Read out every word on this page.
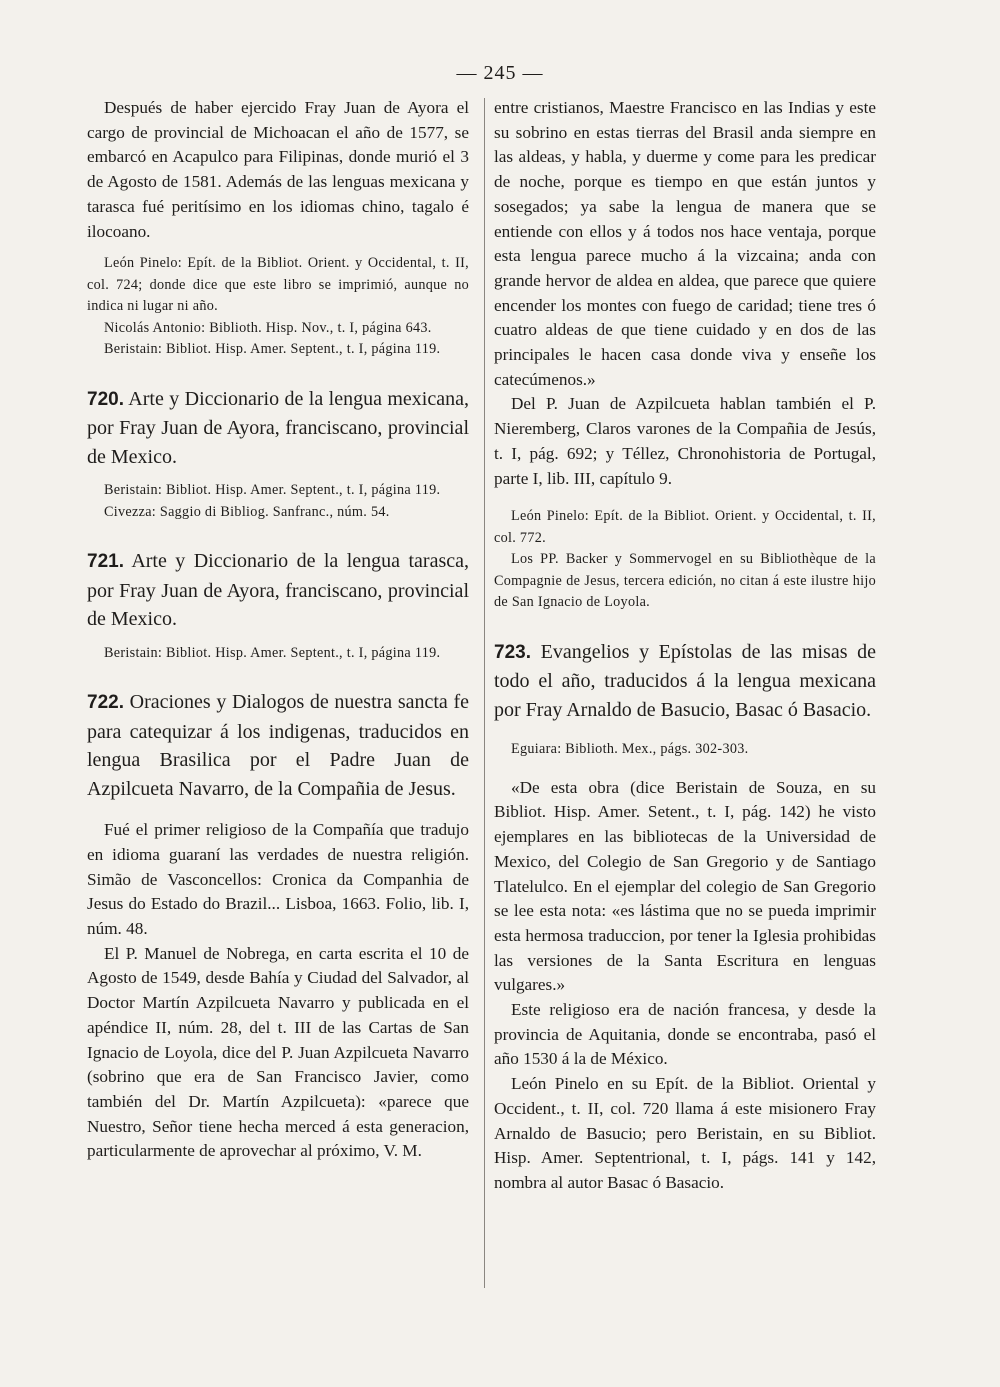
— 245 —

Después de haber ejercido Fray Juan de Ayora el cargo de provincial de Michoacan el año de 1577, se embarcó en Acapulco para Filipinas, donde murió el 3 de Agosto de 1581. Además de las lenguas mexicana y tarasca fué peritísimo en los idiomas chino, tagalo é ilocoano.

León Pinelo: Epít. de la Bibliot. Orient. y Occidental, t. II, col. 724; donde dice que este libro se imprimió, aunque no indica ni lugar ni año.

Nicolás Antonio: Biblioth. Hisp. Nov., t. I, página 643.

Beristain: Bibliot. Hisp. Amer. Septent., t. I, página 119.

720. Arte y Diccionario de la lengua mexicana, por Fray Juan de Ayora, franciscano, provincial de Mexico.

Beristain: Bibliot. Hisp. Amer. Septent., t. I, página 119.

Civezza: Saggio di Bibliog. Sanfranc., núm. 54.

721. Arte y Diccionario de la lengua tarasca, por Fray Juan de Ayora, franciscano, provincial de Mexico.

Beristain: Bibliot. Hisp. Amer. Septent., t. I, página 119.

722. Oraciones y Dialogos de nuestra sancta fe para catequizar á los indigenas, traducidos en lengua Brasilica por el Padre Juan de Azpilcueta Navarro, de la Compañia de Jesus.

Fué el primer religioso de la Compañía que tradujo en idioma guaraní las verdades de nuestra religión. Simão de Vasconcellos: Cronica da Companhia de Jesus do Estado do Brazil... Lisboa, 1663. Folio, lib. I, núm. 48.

El P. Manuel de Nobrega, en carta escrita el 10 de Agosto de 1549, desde Bahía y Ciudad del Salvador, al Doctor Martín Azpilcueta Navarro y publicada en el apéndice II, núm. 28, del t. III de las Cartas de San Ignacio de Loyola, dice del P. Juan Azpilcueta Navarro (sobrino que era de San Francisco Javier, como también del Dr. Martín Azpilcueta): «parece que Nuestro, Señor tiene hecha merced á esta generacion, particularmente de aprovechar al próximo, V. M.

entre cristianos, Maestre Francisco en las Indias y este su sobrino en estas tierras del Brasil anda siempre en las aldeas, y habla, y duerme y come para les predicar de noche, porque es tiempo en que están juntos y sosegados; ya sabe la lengua de manera que se entiende con ellos y á todos nos hace ventaja, porque esta lengua parece mucho á la vizcaina; anda con grande hervor de aldea en aldea, que parece que quiere encender los montes con fuego de caridad; tiene tres ó cuatro aldeas de que tiene cuidado y en dos de las principales le hacen casa donde viva y enseñe los catecúmenos.»

Del P. Juan de Azpilcueta hablan también el P. Nieremberg, Claros varones de la Compañia de Jesús, t. I, pág. 692; y Téllez, Chronohistoria de Portugal, parte I, lib. III, capítulo 9.

León Pinelo: Epít. de la Bibliot. Orient. y Occidental, t. II, col. 772.

Los PP. Backer y Sommervogel en su Bibliothèque de la Compagnie de Jesus, tercera edición, no citan á este ilustre hijo de San Ignacio de Loyola.

723. Evangelios y Epístolas de las misas de todo el año, traducidos á la lengua mexicana por Fray Arnaldo de Basucio, Basac ó Basacio.

Eguiara: Biblioth. Mex., págs. 302-303.

«De esta obra (dice Beristain de Souza, en su Bibliot. Hisp. Amer. Setent., t. I, pág. 142) he visto ejemplares en las bibliotecas de la Universidad de Mexico, del Colegio de San Gregorio y de Santiago Tlatelulco. En el ejemplar del colegio de San Gregorio se lee esta nota: «es lástima que no se pueda imprimir esta hermosa traduccion, por tener la Iglesia prohibidas las versiones de la Santa Escritura en lenguas vulgares.»

Este religioso era de nación francesa, y desde la provincia de Aquitania, donde se encontraba, pasó el año 1530 á la de México.

León Pinelo en su Epít. de la Bibliot. Oriental y Occident., t. II, col. 720 llama á este misionero Fray Arnaldo de Basucio; pero Beristain, en su Bibliot. Hisp. Amer. Septentrional, t. I, págs. 141 y 142, nombra al autor Basac ó Basacio.
